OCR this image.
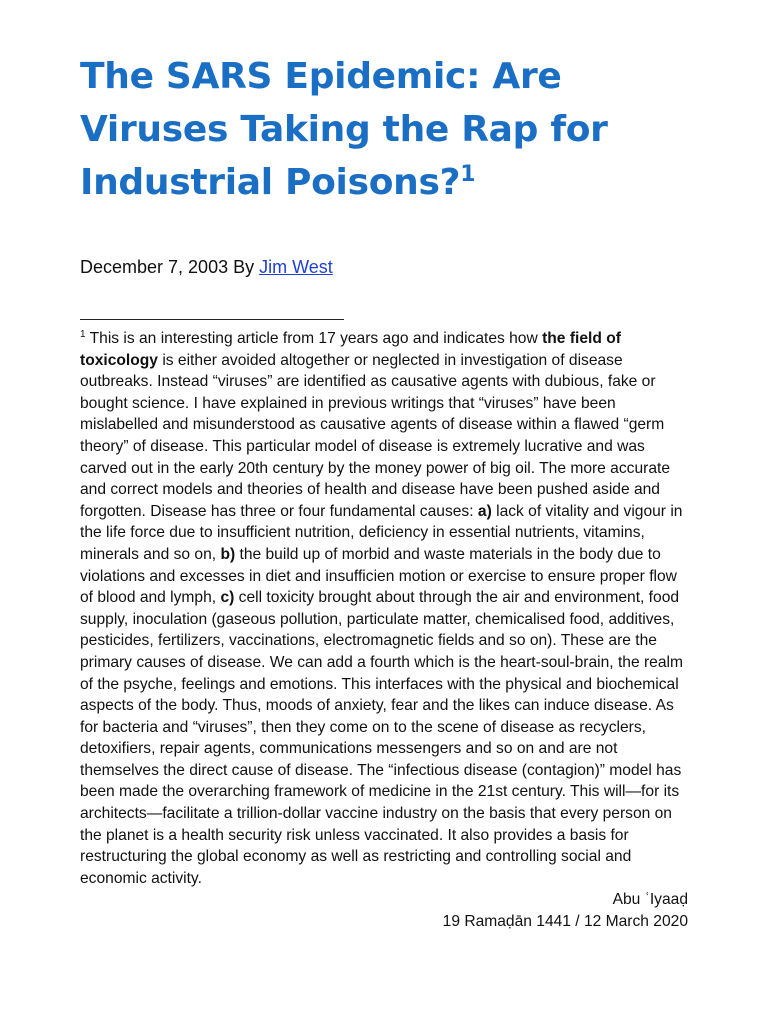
The SARS Epidemic: Are Viruses Taking the Rap for Industrial Poisons?$^1$
December 7, 2003 By Jim West
$^1$ This is an interesting article from 17 years ago and indicates how the field of toxicology is either avoided altogether or neglected in investigation of disease outbreaks. Instead “viruses” are identified as causative agents with dubious, fake or bought science. I have explained in previous writings that “viruses” have been mislabelled and misunderstood as causative agents of disease within a flawed “germ theory” of disease. This particular model of disease is extremely lucrative and was carved out in the early 20th century by the money power of big oil. The more accurate and correct models and theories of health and disease have been pushed aside and forgotten. Disease has three or four fundamental causes: a) lack of vitality and vigour in the life force due to insufficient nutrition, deficiency in essential nutrients, vitamins, minerals and so on, b) the build up of morbid and waste materials in the body due to violations and excesses in diet and insufficien motion or exercise to ensure proper flow of blood and lymph, c) cell toxicity brought about through the air and environment, food supply, inoculation (gaseous pollution, particulate matter, chemicalised food, additives, pesticides, fertilizers, vaccinations, electromagnetic fields and so on). These are the primary causes of disease. We can add a fourth which is the heart-soul-brain, the realm of the psyche, feelings and emotions. This interfaces with the physical and biochemical aspects of the body. Thus, moods of anxiety, fear and the likes can induce disease. As for bacteria and “viruses”, then they come on to the scene of disease as recyclers, detoxifiers, repair agents, communications messengers and so on and are not themselves the direct cause of disease. The “infectious disease (contagion)” model has been made the overarching framework of medicine in the 21st century. This will—for its architects—facilitate a trillion-dollar vaccine industry on the basis that every person on the planet is a health security risk unless vaccinated. It also provides a basis for restructuring the global economy as well as restricting and controlling social and economic activity.
Abu ʿIyaaḍ
19 Ramaḍān 1441 / 12 March 2020
